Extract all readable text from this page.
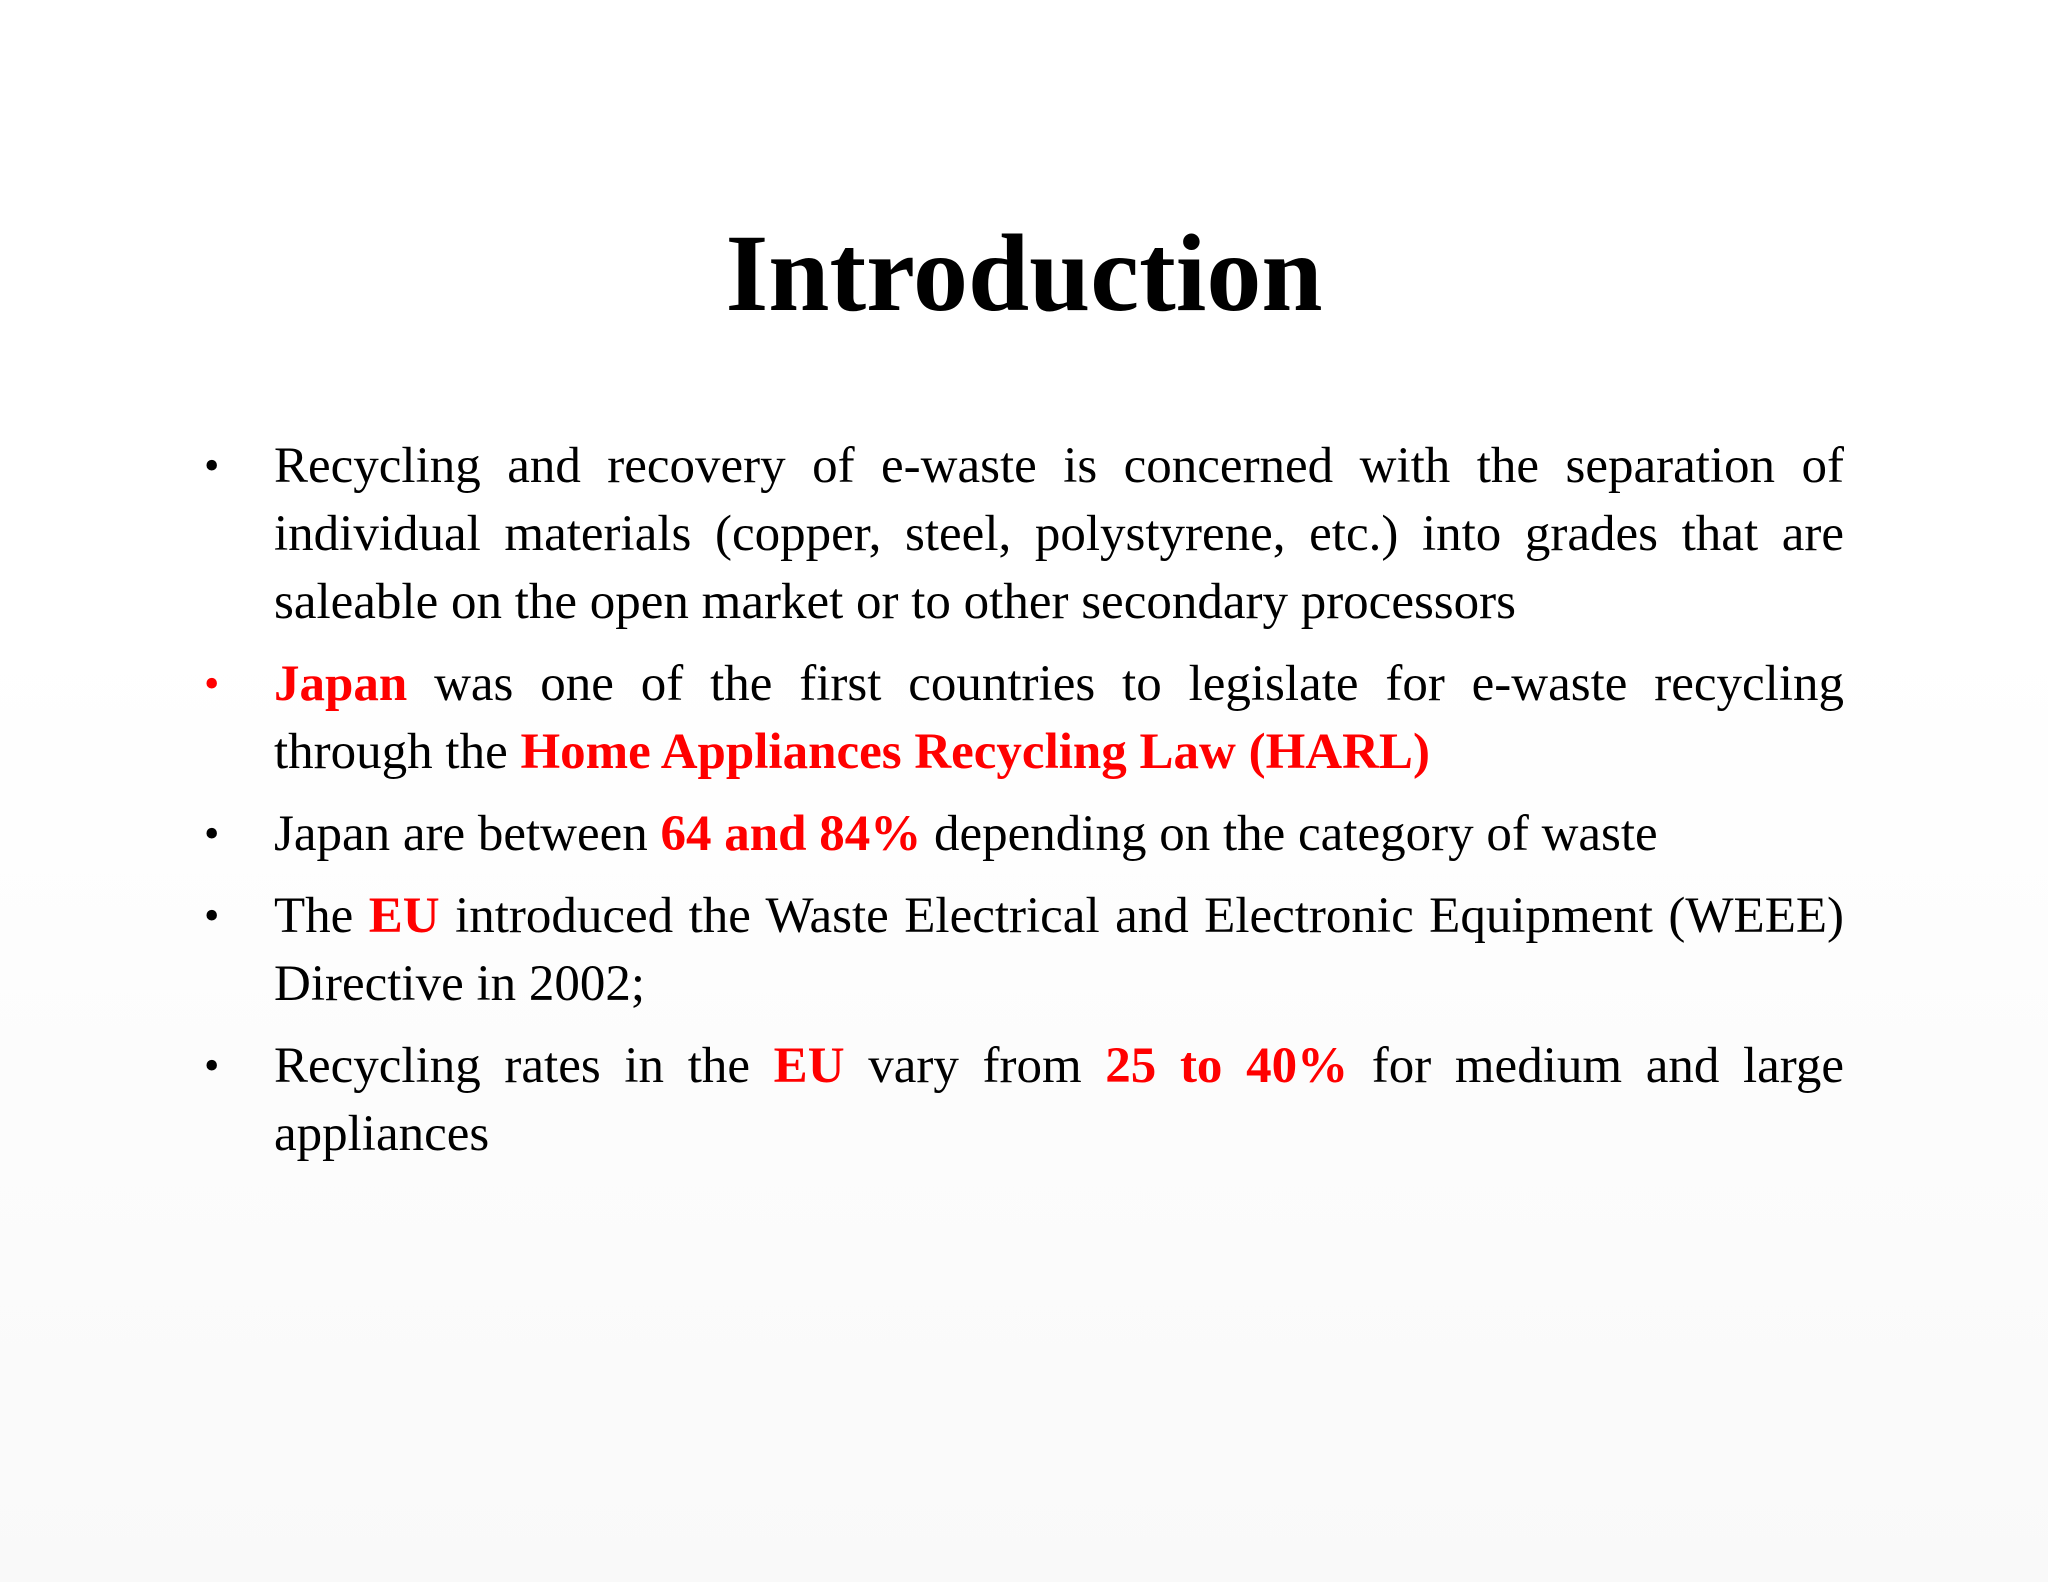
Introduction
• Recycling and recovery of e-waste is concerned with the separation of individual materials (copper, steel, polystyrene, etc.) into grades that are saleable on the open market or to other secondary processors
• Japan was one of the first countries to legislate for e-waste recycling through the Home Appliances Recycling Law (HARL)
• Japan are between 64 and 84% depending on the category of waste
• The EU introduced the Waste Electrical and Electronic Equipment (WEEE) Directive in 2002;
• Recycling rates in the EU vary from 25 to 40% for medium and large appliances
